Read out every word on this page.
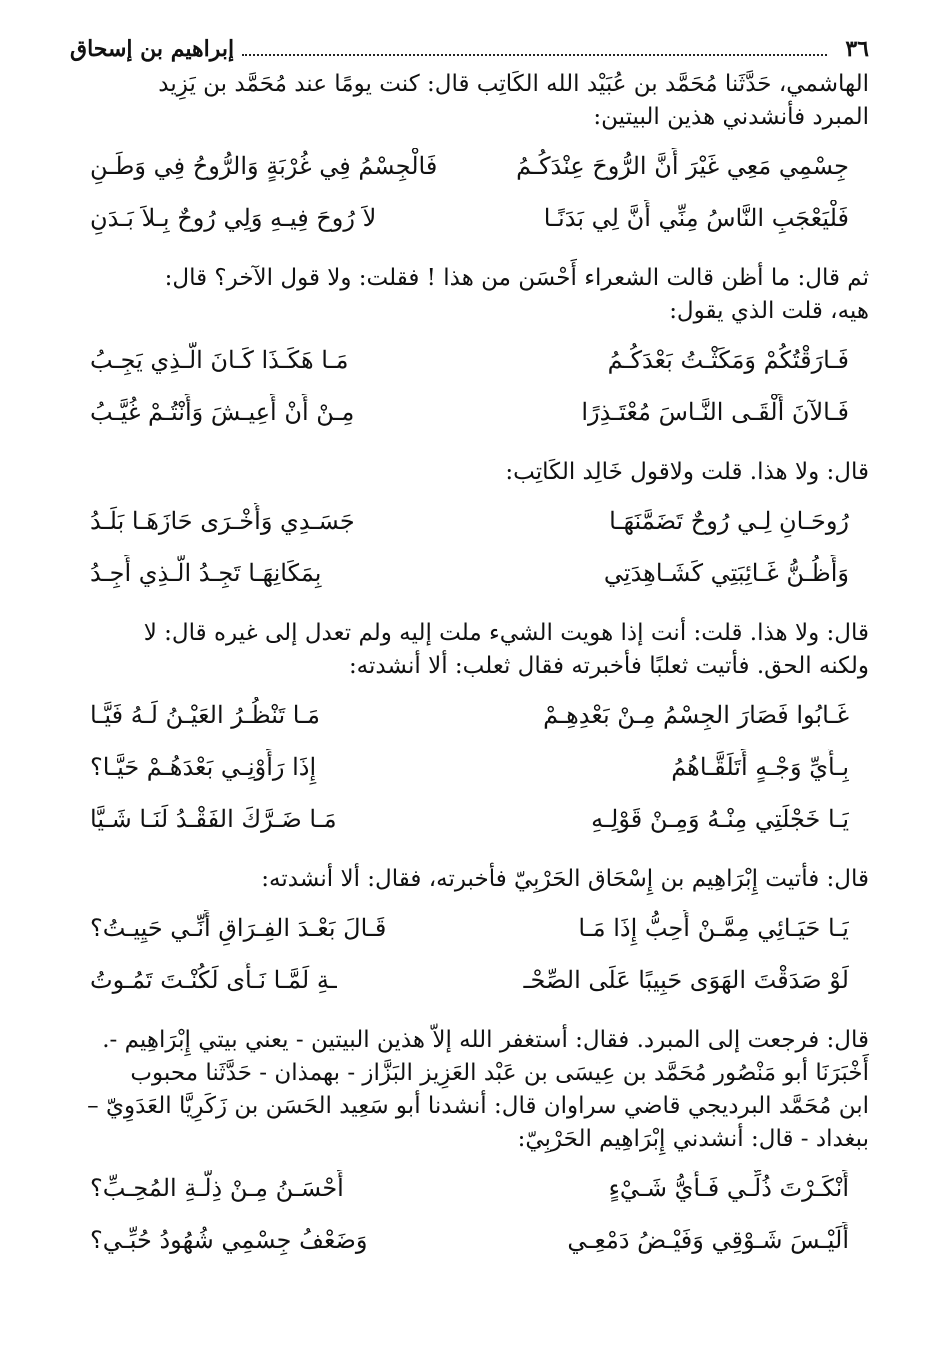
٣٦
إبراهيم بن إسحاق

الهاشمي، حَدَّثَنا مُحَمَّد بن عُبَيْد الله الكَاتِب قال: كنت يومًا عند مُحَمَّد بن يَزِيد

المبرد فأنشدني هذين البيتين:

جِسْمِي مَعِي غَيْرَ أَنَّ الرُّوحَ عِنْدَكُـمُ
فَالْجِسْمُ فِي غُرْبَةٍ وَالرُّوحُ فِي وَطَـنِ
فَلْيَعْجَبِ النَّاسُ مِنِّي أَنَّ لِي بَدَنًـا
لاَ رُوحَ فِيـهِ وَلِي رُوحٌ بِـلاَ بَـدَنِ

ثم قال: ما أظن قالت الشعراء أَحْسَن من هذا ! فقلت: ولا قول الآخر؟ قال:

هيه، قلت الذي يقول:

فَـارَقْتُكُمْ وَمَكَثْـتُ بَعْدَكُـمُ
مَـا هَكَـذَا كَـانَ الَّـذِي يَجِـبُ
فَـالآنَ أَلْقَـى النَّـاسَ مُعْتَـذِرًا
مِـنْ أَنْ أَعِيـشَ وَأَنْتُـمْ غُيَّـبُ

قال: ولا هذا. قلت ولاقول خَالِد الكَاتِب:

رُوحَـانِ لِـي رُوحٌ تَضَمَّنَهَـا
جَسَـدِي وَأُخْـرَى حَازَهَـا بَلَـدُ
وَأَظُـنُّ غَـائِبَتِي كَشَـاهِدَتِي
بِمَكَانِهَـا تَجِـدُ الَّـذِي أَجِـدُ

قال: ولا هذا. قلت: أنت إذا هويت الشيء ملت إليه ولم تعدل إلى غيره قال: لا

ولكنه الحق. فأتيت ثعلبًا فأخبرته فقال ثعلب: ألا أنشدته:

غَـابُوا فَصَارَ الجِسْمُ مِـنْ بَعْدِهِـمْ
مَـا تَنْظُـرُ العَيْـنُ لَـهُ فَيَّـا
بِـأَيِّ وَجْـهٍ أَتَلَقَّـاهُمُ
إِذَا رَأَوْنِـي بَعْدَهُـمْ حَيَّـا؟
يَـا خَجْلَتِي مِنْـهُ وَمِـنْ قَوْلِـهِ
مَـا ضَـرَّكَ الفَقْـدُ لَنَـا شَـيَّا

قال: فأتيت إِبْرَاهِيم بن إِسْحَاق الحَرْبِيّ فأخبرته، فقال: ألا أنشدته:

يَـا حَيَـائِي مِمَّـنْ أُحِبُّ إِذَا مَـا
قَـالَ بَعْـدَ الفِـرَاقِ أَنِّـي حَيِيـتُ؟
لَوْ صَدَقْتَ الهَوَى حَبِيبًا عَلَى الصِّحْـ
ـةِ لَمَّـا نَـأَى لَكُنْـتَ تَمُـوتُ

قال: فرجعت إلى المبرد. فقال: أستغفر الله إلاّ هذين البيتين - يعني بيتي إِبْرَاهِيم -.

أَخْبَرَنَا أبو مَنْصُور مُحَمَّد بن عِيسَى بن عَبْد العَزِيز البَزَّاز - بهمذان - حَدَّثَنا محبوب

ابن مُحَمَّد البرديجي قاضي سراوان قال: أنشدنا أبو سَعِيد الحَسَن بن زَكَرِيَّا العَدَوِيّ –

ببغداد - قال: أنشدني إِبْرَاهِيم الحَرْبِيّ:

أَنْكَـرْتَ ذُلِّـي فَـأَيُّ شَـيْءٍ
أَحْسَـنُ مِـنْ ذِلَّـةِ المُحِـبِّ؟
أَلَيْـسَ شَـوْقِي وَفَيْـضُ دَمْعِـي
وَضَعْفُ جِسْمِي شُهُودُ حُبِّـي؟
